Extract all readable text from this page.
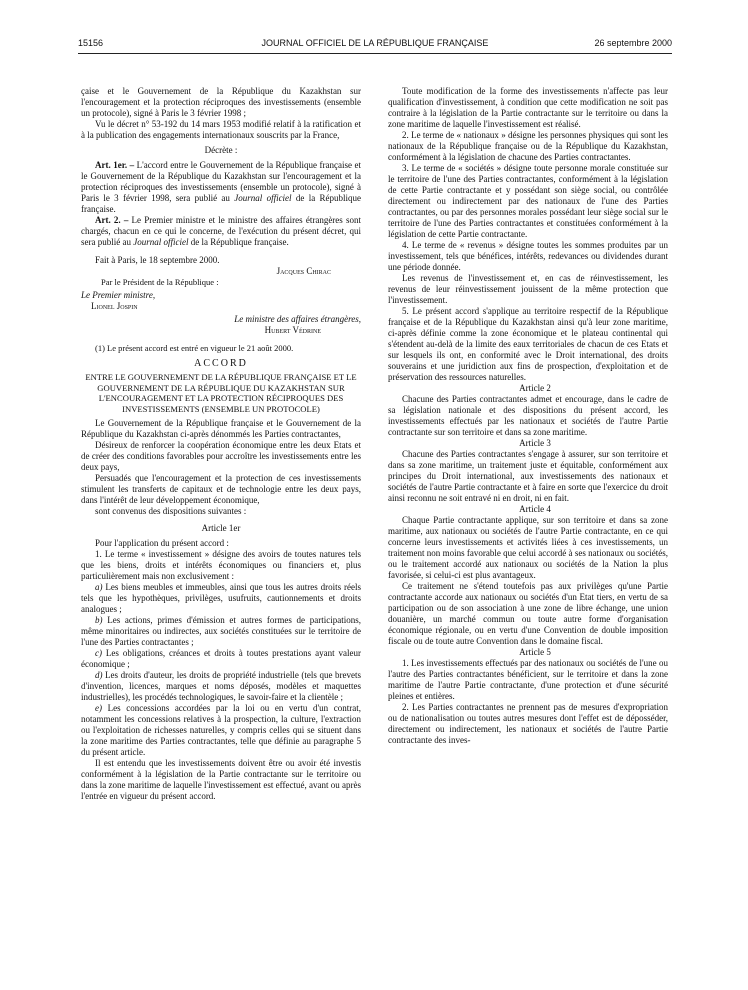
15156	JOURNAL OFFICIEL DE LA RÉPUBLIQUE FRANÇAISE	26 septembre 2000

çaise et le Gouvernement de la République du Kazakhstan sur l'encouragement et la protection réciproques des investissements (ensemble un protocole), signé à Paris le 3 février 1998 ;

Vu le décret n° 53-192 du 14 mars 1953 modifié relatif à la ratification et à la publication des engagements internationaux souscrits par la France,

Décrète :

Art. 1er. – L'accord entre le Gouvernement de la République française et le Gouvernement de la République du Kazakhstan sur l'encouragement et la protection réciproques des investissements (ensemble un protocole), signé à Paris le 3 février 1998, sera publié au Journal officiel de la République française.

Art. 2. – Le Premier ministre et le ministre des affaires étrangères sont chargés, chacun en ce qui le concerne, de l'exécution du présent décret, qui sera publié au Journal officiel de la République française.

Fait à Paris, le 18 septembre 2000.

Jacques Chirac

Par le Président de la République :

Le Premier ministre,

Lionel Jospin

Le ministre des affaires étrangères,

Hubert Védrine

(1) Le présent accord est entré en vigueur le 21 août 2000.

ACCORD

ENTRE LE GOUVERNEMENT DE LA RÉPUBLIQUE FRANÇAISE ET LE GOUVERNEMENT DE LA RÉPUBLIQUE DU KAZAKHSTAN SUR L'ENCOURAGEMENT ET LA PROTECTION RÉCIPROQUES DES INVESTISSEMENTS (ENSEMBLE UN PROTOCOLE)

Le Gouvernement de la République française et le Gouvernement de la République du Kazakhstan ci-après dénommés les Parties contractantes,

Désireux de renforcer la coopération économique entre les deux Etats et de créer des conditions favorables pour accroître les investissements entre les deux pays,

Persuadés que l'encouragement et la protection de ces investissements stimulent les transferts de capitaux et de technologie entre les deux pays, dans l'intérêt de leur développement économique,

sont convenus des dispositions suivantes :

Article 1er

Pour l'application du présent accord :

1. Le terme « investissement » désigne des avoirs de toutes natures tels que les biens, droits et intérêts économiques ou financiers et, plus particulièrement mais non exclusivement :

a) Les biens meubles et immeubles, ainsi que tous les autres droits réels tels que les hypothèques, privilèges, usufruits, cautionnements et droits analogues ;

b) Les actions, primes d'émission et autres formes de participations, même minoritaires ou indirectes, aux sociétés constituées sur le territoire de l'une des Parties contractantes ;

c) Les obligations, créances et droits à toutes prestations ayant valeur économique ;

d) Les droits d'auteur, les droits de propriété industrielle (tels que brevets d'invention, licences, marques et noms déposés, modèles et maquettes industrielles), les procédés technologiques, le savoir-faire et la clientèle ;

e) Les concessions accordées par la loi ou en vertu d'un contrat, notamment les concessions relatives à la prospection, la culture, l'extraction ou l'exploitation de richesses naturelles, y compris celles qui se situent dans la zone maritime des Parties contractantes, telle que définie au paragraphe 5 du présent article.

Il est entendu que les investissements doivent être ou avoir été investis conformément à la législation de la Partie contractante sur le territoire ou dans la zone maritime de laquelle l'investissement est effectué, avant ou après l'entrée en vigueur du présent accord.

Toute modification de la forme des investissements n'affecte pas leur qualification d'investissement, à condition que cette modification ne soit pas contraire à la législation de la Partie contractante sur le territoire ou dans la zone maritime de laquelle l'investissement est réalisé.

2. Le terme de « nationaux » désigne les personnes physiques qui sont les nationaux de la République française ou de la République du Kazakhstan, conformément à la législation de chacune des Parties contractantes.

3. Le terme de « sociétés » désigne toute personne morale constituée sur le territoire de l'une des Parties contractantes, conformément à la législation de cette Partie contractante et y possédant son siège social, ou contrôlée directement ou indirectement par des nationaux de l'une des Parties contractantes, ou par des personnes morales possédant leur siège social sur le territoire de l'une des Parties contractantes et constituées conformément à la législation de cette Partie contractante.

4. Le terme de « revenus » désigne toutes les sommes produites par un investissement, tels que bénéfices, intérêts, redevances ou dividendes durant une période donnée.

Les revenus de l'investissement et, en cas de réinvestissement, les revenus de leur réinvestissement jouissent de la même protection que l'investissement.

5. Le présent accord s'applique au territoire respectif de la République française et de la République du Kazakhstan ainsi qu'à leur zone maritime, ci-après définie comme la zone économique et le plateau continental qui s'étendent au-delà de la limite des eaux territoriales de chacun de ces Etats et sur lesquels ils ont, en conformité avec le Droit international, des droits souverains et une juridiction aux fins de prospection, d'exploitation et de préservation des ressources naturelles.

Article 2

Chacune des Parties contractantes admet et encourage, dans le cadre de sa législation nationale et des dispositions du présent accord, les investissements effectués par les nationaux et sociétés de l'autre Partie contractante sur son territoire et dans sa zone maritime.

Article 3

Chacune des Parties contractantes s'engage à assurer, sur son territoire et dans sa zone maritime, un traitement juste et équitable, conformément aux principes du Droit international, aux investissements des nationaux et sociétés de l'autre Partie contractante et à faire en sorte que l'exercice du droit ainsi reconnu ne soit entravé ni en droit, ni en fait.

Article 4

Chaque Partie contractante applique, sur son territoire et dans sa zone maritime, aux nationaux ou sociétés de l'autre Partie contractante, en ce qui concerne leurs investissements et activités liées à ces investissements, un traitement non moins favorable que celui accordé à ses nationaux ou sociétés, ou le traitement accordé aux nationaux ou sociétés de la Nation la plus favorisée, si celui-ci est plus avantageux.

Ce traitement ne s'étend toutefois pas aux privilèges qu'une Partie contractante accorde aux nationaux ou sociétés d'un Etat tiers, en vertu de sa participation ou de son association à une zone de libre échange, une union douanière, un marché commun ou toute autre forme d'organisation économique régionale, ou en vertu d'une Convention de double imposition fiscale ou de toute autre Convention dans le domaine fiscal.

Article 5

1. Les investissements effectués par des nationaux ou sociétés de l'une ou l'autre des Parties contractantes bénéficient, sur le territoire et dans la zone maritime de l'autre Partie contractante, d'une protection et d'une sécurité pleines et entières.

2. Les Parties contractantes ne prennent pas de mesures d'expropriation ou de nationalisation ou toutes autres mesures dont l'effet est de déposséder, directement ou indirectement, les nationaux et sociétés de l'autre Partie contractante des inves-
